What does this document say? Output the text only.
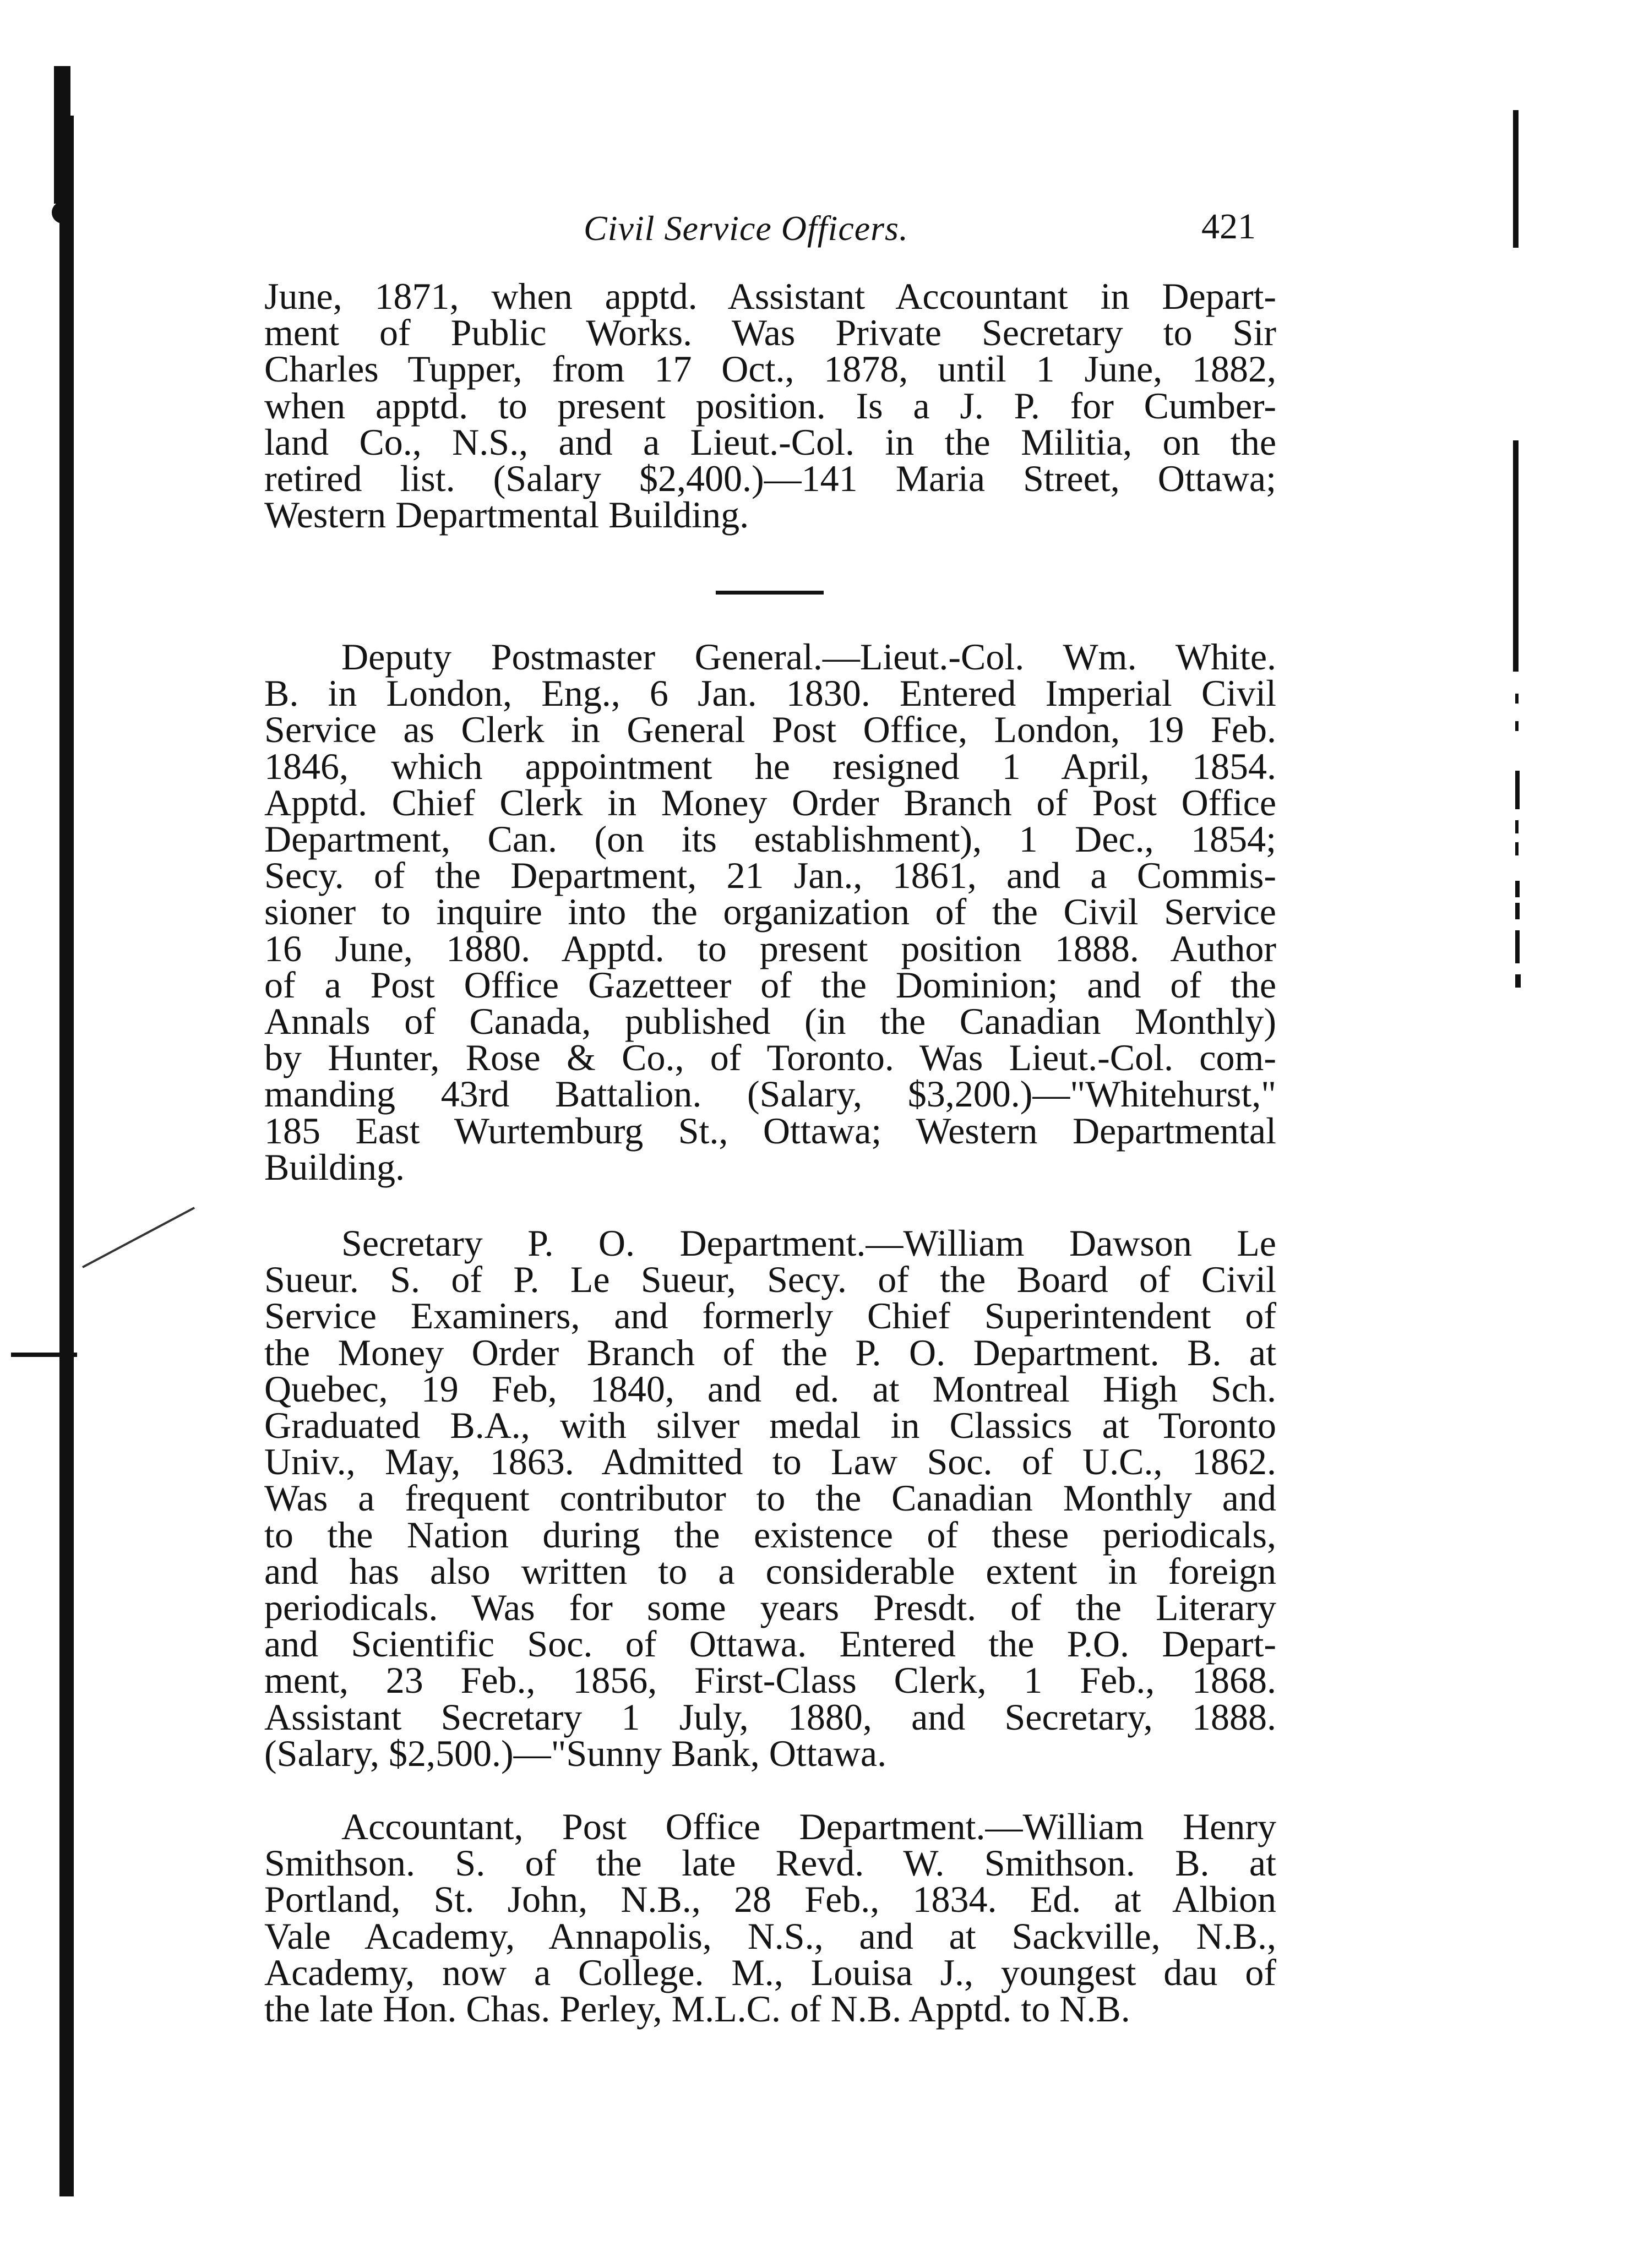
Civil Service Officers.	421
June, 1871, when apptd. Assistant Accountant in Depart-
ment of Public Works. Was Private Secretary to Sir
Charles Tupper, from 17 Oct., 1878, until 1 June, 1882,
when apptd. to present position. Is a J. P. for Cumber-
land Co., N.S., and a Lieut.-Col. in the Militia, on the
retired list. (Salary $2,400.)—141 Maria Street, Ottawa;
Western Departmental Building.
Deputy Postmaster General.—Lieut.-Col. Wm. White.
B. in London, Eng., 6 Jan. 1830. Entered Imperial Civil
Service as Clerk in General Post Office, London, 19 Feb.
1846, which appointment he resigned 1 April, 1854.
Apptd. Chief Clerk in Money Order Branch of Post Office
Department, Can. (on its establishment), 1 Dec., 1854;
Secy. of the Department, 21 Jan., 1861, and a Commis-
sioner to inquire into the organization of the Civil Service
16 June, 1880. Apptd. to present position 1888. Author
of a Post Office Gazetteer of the Dominion; and of the
Annals of Canada, published (in the Canadian Monthly)
by Hunter, Rose & Co., of Toronto. Was Lieut.-Col. com-
manding 43rd Battalion. (Salary, $3,200.)—"Whitehurst,"
185 East Wurtemburg St., Ottawa; Western Departmental
Building.
Secretary P. O. Department.—William Dawson Le
Sueur. S. of P. Le Sueur, Secy. of the Board of Civil
Service Examiners, and formerly Chief Superintendent of
the Money Order Branch of the P. O. Department. B. at
Quebec, 19 Feb, 1840, and ed. at Montreal High Sch.
Graduated B.A., with silver medal in Classics at Toronto
Univ., May, 1863. Admitted to Law Soc. of U.C., 1862.
Was a frequent contributor to the Canadian Monthly and
to the Nation during the existence of these periodicals,
and has also written to a considerable extent in foreign
periodicals. Was for some years Presdt. of the Literary
and Scientific Soc. of Ottawa. Entered the P.O. Depart-
ment, 23 Feb., 1856, First-Class Clerk, 1 Feb., 1868.
Assistant Secretary 1 July, 1880, and Secretary, 1888.
(Salary, $2,500.)—"Sunny Bank, Ottawa.
Accountant, Post Office Department.—William Henry
Smithson. S. of the late Revd. W. Smithson. B. at
Portland, St. John, N.B., 28 Feb., 1834. Ed. at Albion
Vale Academy, Annapolis, N.S., and at Sackville, N.B.,
Academy, now a College. M., Louisa J., youngest dau of
the late Hon. Chas. Perley, M.L.C. of N.B. Apptd. to N.B.
